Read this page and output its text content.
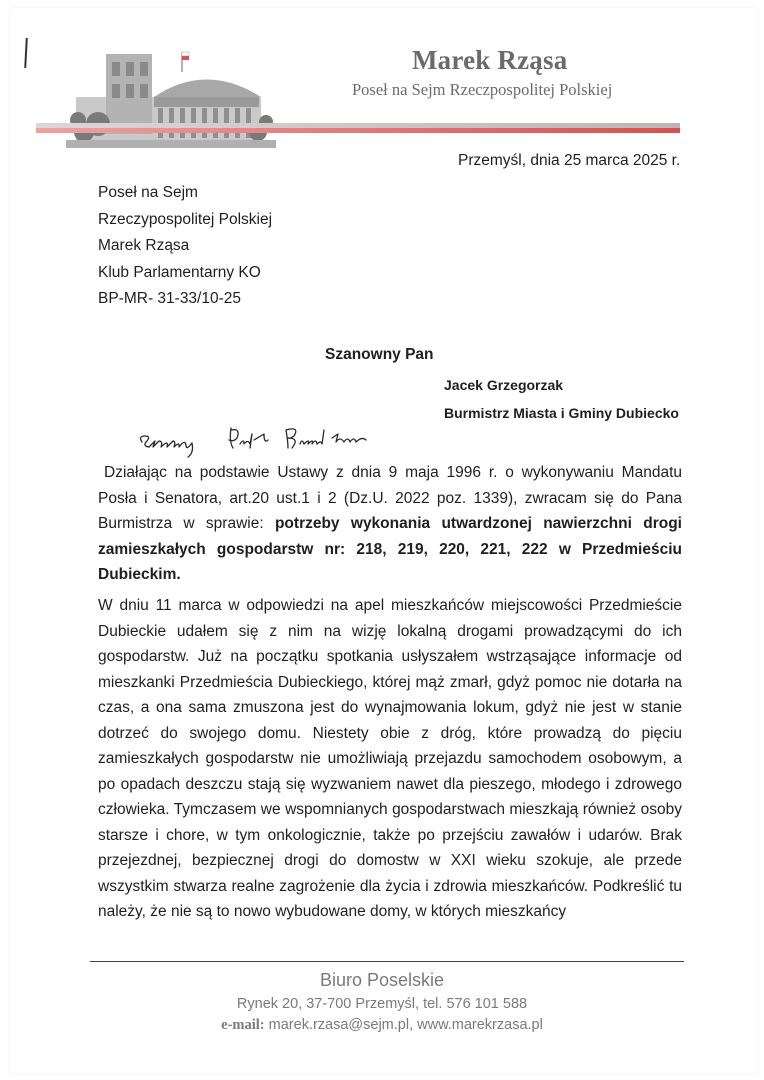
Marek Rząsa
Poseł na Sejm Rzeczpospolitej Polskiej
Przemyśl, dnia 25 marca 2025 r.
Poseł na Sejm
Rzeczypospolitej Polskiej
Marek Rząsa
Klub Parlamentarny KO
BP-MR- 31-33/10-25
Szanowny Pan
Jacek Grzegorzak
Burmistrz Miasta i Gminy Dubiecko
Działając na podstawie Ustawy z dnia 9 maja 1996 r. o wykonywaniu Mandatu Posła i Senatora, art.20 ust.1 i 2 (Dz.U. 2022 poz. 1339), zwracam się do Pana Burmistrza w sprawie: potrzeby wykonania utwardzonej nawierzchni drogi zamieszkałych gospodarstw nr: 218, 219, 220, 221, 222 w Przedmieściu Dubieckim.
W dniu 11 marca w odpowiedzi na apel mieszkańców miejscowości Przedmieście Dubieckie udałem się z nim na wizję lokalną drogami prowadzącymi do ich gospodarstw. Już na początku spotkania usłyszałem wstrząsające informacje od mieszkanki Przedmieścia Dubieckiego, której mąż zmarł, gdyż pomoc nie dotarła na czas, a ona sama zmuszona jest do wynajmowania lokum, gdyż nie jest w stanie dotrzeć do swojego domu. Niestety obie z dróg, które prowadzą do pięciu zamieszkałych gospodarstw nie umożliwiają przejazdu samochodem osobowym, a po opadach deszczu stają się wyzwaniem nawet dla pieszego, młodego i zdrowego człowieka. Tymczasem we wspomnianych gospodarstwach mieszkają również osoby starsze i chore, w tym onkologicznie, także po przejściu zawałów i udarów. Brak przejezdnej, bezpiecznej drogi do domostw w XXI wieku szokuje, ale przede wszystkim stwarza realne zagrożenie dla życia i zdrowia mieszkańców. Podkreślić tu należy, że nie są to nowo wybudowane domy, w których mieszkańcy
Biuro Poselskie
Rynek 20, 37-700 Przemyśl, tel. 576 101 588
e-mail: marek.rzasa@sejm.pl, www.marekrzasa.pl
